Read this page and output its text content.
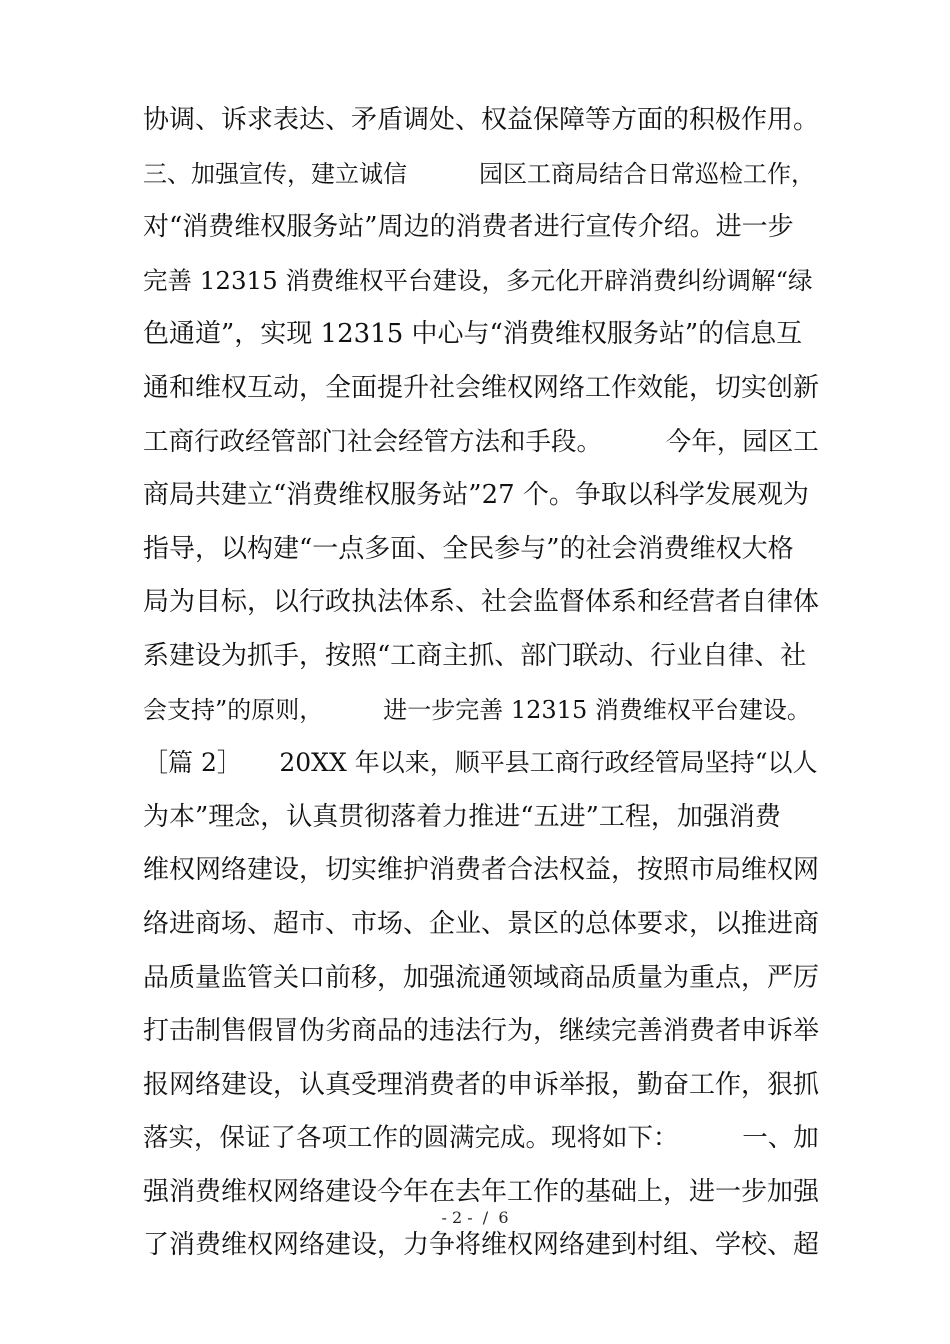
协调、诉求表达、矛盾调处、权益保障等方面的积极作用。
三、加强宣传，建立诚信　　　园区工商局结合日常巡检工作，
对“消费维权服务站”周边的消费者进行宣传介绍。进一步
完善 12315 消费维权平台建设，多元化开辟消费纠纷调解“绿
色通道”，实现 12315 中心与“消费维权服务站”的信息互
通和维权互动，全面提升社会维权网络工作效能，切实创新
工商行政经管部门社会经管方法和手段。　　　今年，园区工
商局共建立“消费维权服务站”27 个。争取以科学发展观为
指导，以构建“一点多面、全民参与”的社会消费维权大格
局为目标，以行政执法体系、社会监督体系和经营者自律体
系建设为抓手，按照“工商主抓、部门联动、行业自律、社
会支持”的原则，　　　进一步完善 12315 消费维权平台建设。
［篇 2］　　20XX 年以来，顺平县工商行政经管局坚持“以人
为本”理念，认真贯彻落着力推进“五进”工程，加强消费
维权网络建设，切实维护消费者合法权益，按照市局维权网
络进商场、超市、市场、企业、景区的总体要求，以推进商
品质量监管关口前移，加强流通领域商品质量为重点，严厉
打击制售假冒伪劣商品的违法行为，继续完善消费者申诉举
报网络建设，认真受理消费者的申诉举报，勤奋工作，狠抓
落实，保证了各项工作的圆满完成。现将如下：　　　一、加
强消费维权网络建设今年在去年工作的基础上，进一步加强
了消费维权网络建设，力争将维权网络建到村组、学校、超
- 2 -  /  6
